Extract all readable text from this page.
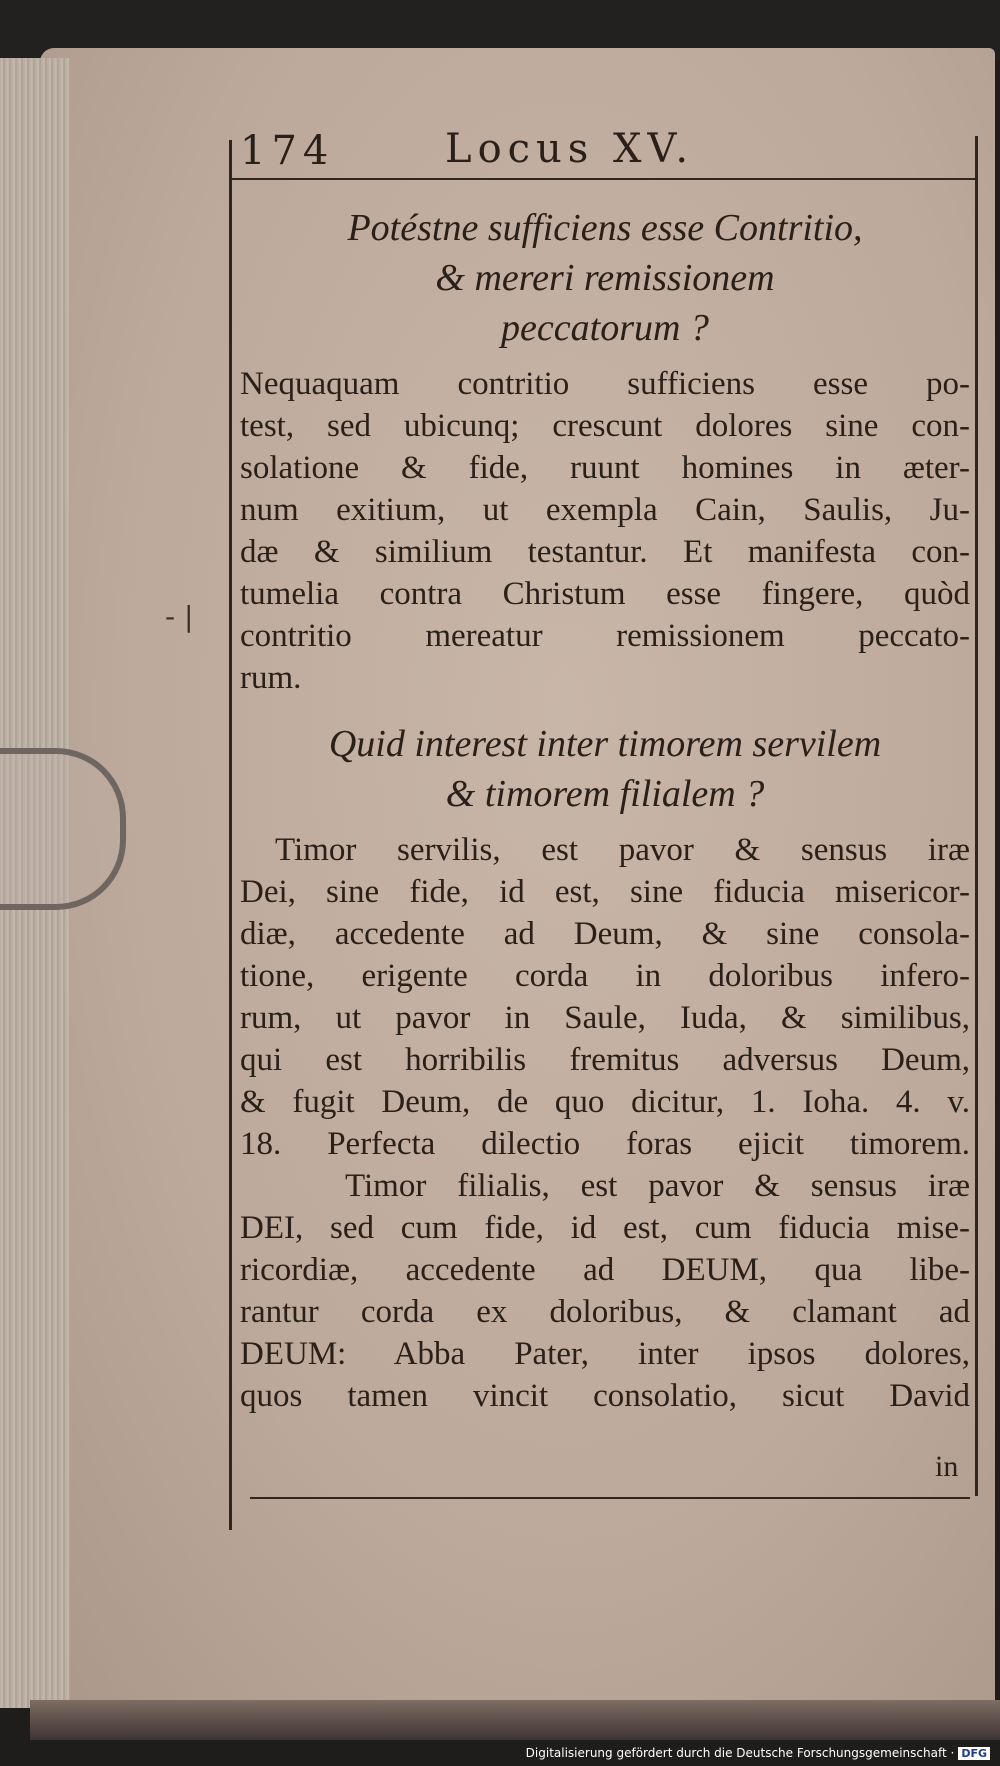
174	Locus XV.
Potéstne sufficiens esse Contritio,
& mereri remissionem
peccatorum ?
Nequaquam contritio sufficiens esse po-
test, sed ubicunq; crescunt dolores sine con-
solatione & fide, ruunt homines in æter-
num exitium, ut exempla Cain, Saulis, Ju-
dæ & similium testantur. Et manifesta con-
tumelia contra Christum esse fingere, quòd
contritio mereatur remissionem peccato-
rum.
Quid interest inter timorem servilem
& timorem filialem ?
Timor servilis, est pavor & sensus iræ
Dei, sine fide, id est, sine fiducia misericor-
diæ, accedente ad Deum, & sine consola-
tione, erigente corda in doloribus infero-
rum, ut pavor in Saule, Iuda, & similibus,
qui est horribilis fremitus adversus Deum,
& fugit Deum, de quo dicitur, 1. Ioha. 4. v.
18. Perfecta dilectio foras ejicit timorem.
Timor filialis, est pavor & sensus iræ
DEI, sed cum fide, id est, cum fiducia mise-
ricordiæ, accedente ad DEUM, qua libe-
rantur corda ex doloribus, & clamant ad
DEUM: Abba Pater, inter ipsos dolores,
quos tamen vincit consolatio, sicut David
in
- |
Digitalisierung gefördert durch die Deutsche Forschungsgemeinschaft · DFG
